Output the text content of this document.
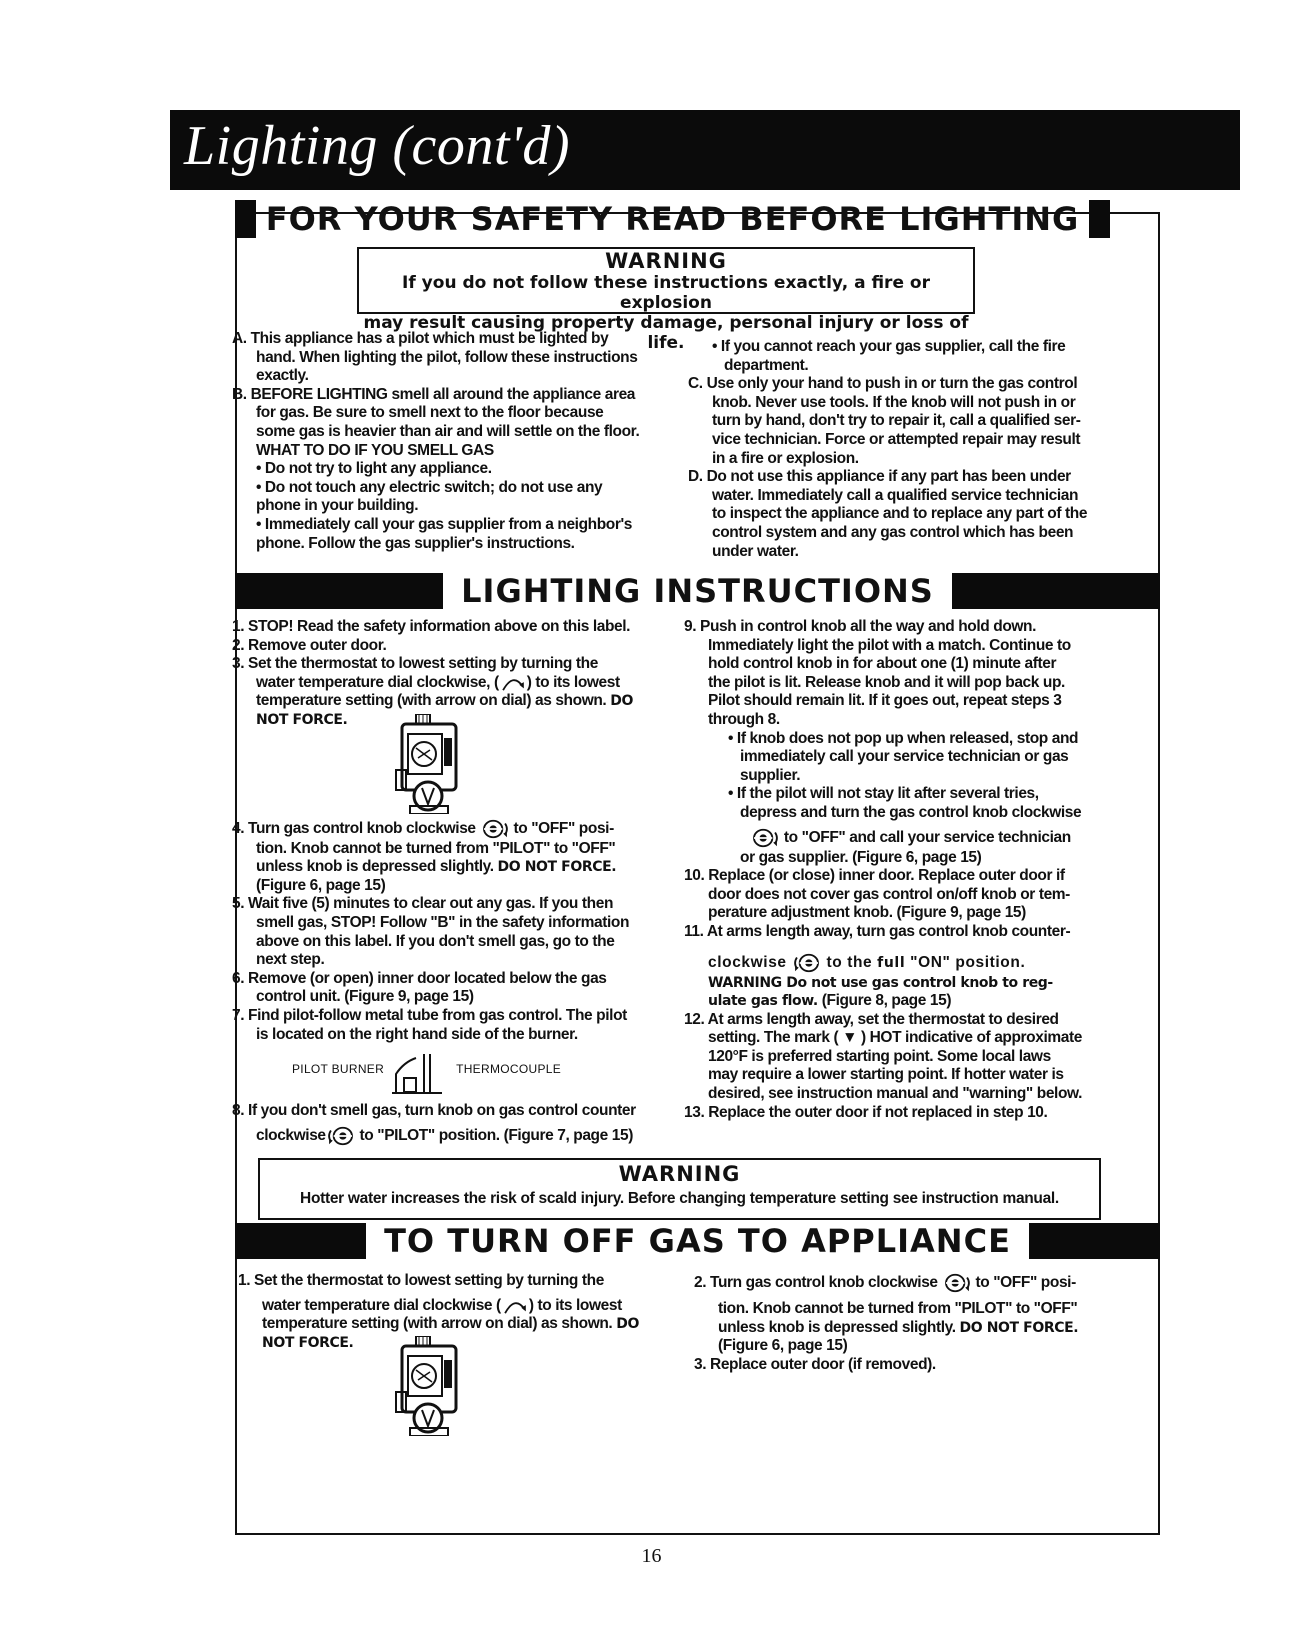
Lighting (cont'd)
FOR YOUR SAFETY READ BEFORE LIGHTING
WARNING
If you do not follow these instructions exactly, a fire or explosion
may result causing property damage, personal injury or loss of life.

A. This appliance has a pilot which must be lighted by

hand. When lighting the pilot, follow these instructions

exactly.

B. BEFORE LIGHTING smell all around the appliance area

for gas. Be sure to smell next to the floor because

some gas is heavier than air and will settle on the floor.

WHAT TO DO IF YOU SMELL GAS

• Do not try to light any appliance.

• Do not touch any electric switch; do not use any

phone in your building.

• Immediately call your gas supplier from a neighbor's

phone. Follow the gas supplier's instructions.

• If you cannot reach your gas supplier, call the fire

department.

C. Use only your hand to push in or turn the gas control

knob. Never use tools. If the knob will not push in or

turn by hand, don't try to repair it, call a qualified ser-

vice technician. Force or attempted repair may result

in a fire or explosion.

D. Do not use this appliance if any part has been under

water. Immediately call a qualified service technician

to inspect the appliance and to replace any part of the

control system and any gas control which has been

under water.

LIGHTING INSTRUCTIONS

1. STOP! Read the safety information above on this label.

2. Remove outer door.

3. Set the thermostat to lowest setting by turning the

water temperature dial clockwise, ( ) to its lowest

temperature setting (with arrow on dial) as shown. DO

NOT FORCE.

4. Turn gas control knob clockwise  to "OFF" posi-

tion. Knob cannot be turned from "PILOT" to "OFF"

unless knob is depressed slightly. DO NOT FORCE.

(Figure 6, page 15)

5. Wait five (5) minutes to clear out any gas. If you then

smell gas, STOP! Follow "B" in the safety information

above on this label. If you don't smell gas, go to the

next step.

6. Remove (or open) inner door located below the gas

control unit. (Figure 9, page 15)

7. Find pilot-follow metal tube from gas control. The pilot

is located on the right hand side of the burner.

PILOT BURNER	THERMOCOUPLE

8. If you don't smell gas, turn knob on gas control counter

clockwise to "PILOT" position. (Figure 7, page 15)

9. Push in control knob all the way and hold down.

Immediately light the pilot with a match. Continue to

hold control knob in for about one (1) minute after

the pilot is lit. Release knob and it will pop back up.

Pilot should remain lit. If it goes out, repeat steps 3

through 8.

• If knob does not pop up when released, stop and

immediately call your service technician or gas

supplier.

• If the pilot will not stay lit after several tries,

depress and turn the gas control knob clockwise

to "OFF" and call your service technician

or gas supplier. (Figure 6, page 15)

10. Replace (or close) inner door. Replace outer door if

door does not cover gas control on/off knob or tem-

perature adjustment knob. (Figure 9, page 15)

11. At arms length away, turn gas control knob counter-

clockwise  to the full "ON" position.

WARNING Do not use gas control knob to reg-

ulate gas flow. (Figure 8, page 15)

12. At arms length away, set the thermostat to desired

setting. The mark ( ▼ ) HOT indicative of approximate

120°F is preferred starting point. Some local laws

may require a lower starting point. If hotter water is

desired, see instruction manual and "warning" below.

13. Replace the outer door if not replaced in step 10.

WARNING
Hotter water increases the risk of scald injury. Before changing temperature setting see instruction manual.
TO TURN OFF GAS TO APPLIANCE

1. Set the thermostat to lowest setting by turning the

water temperature dial clockwise ( ) to its lowest

temperature setting (with arrow on dial) as shown. DO

NOT FORCE.

2. Turn gas control knob clockwise  to "OFF" posi-

tion. Knob cannot be turned from "PILOT" to "OFF"

unless knob is depressed slightly. DO NOT FORCE.

(Figure 6, page 15)

3. Replace outer door (if removed).

16
